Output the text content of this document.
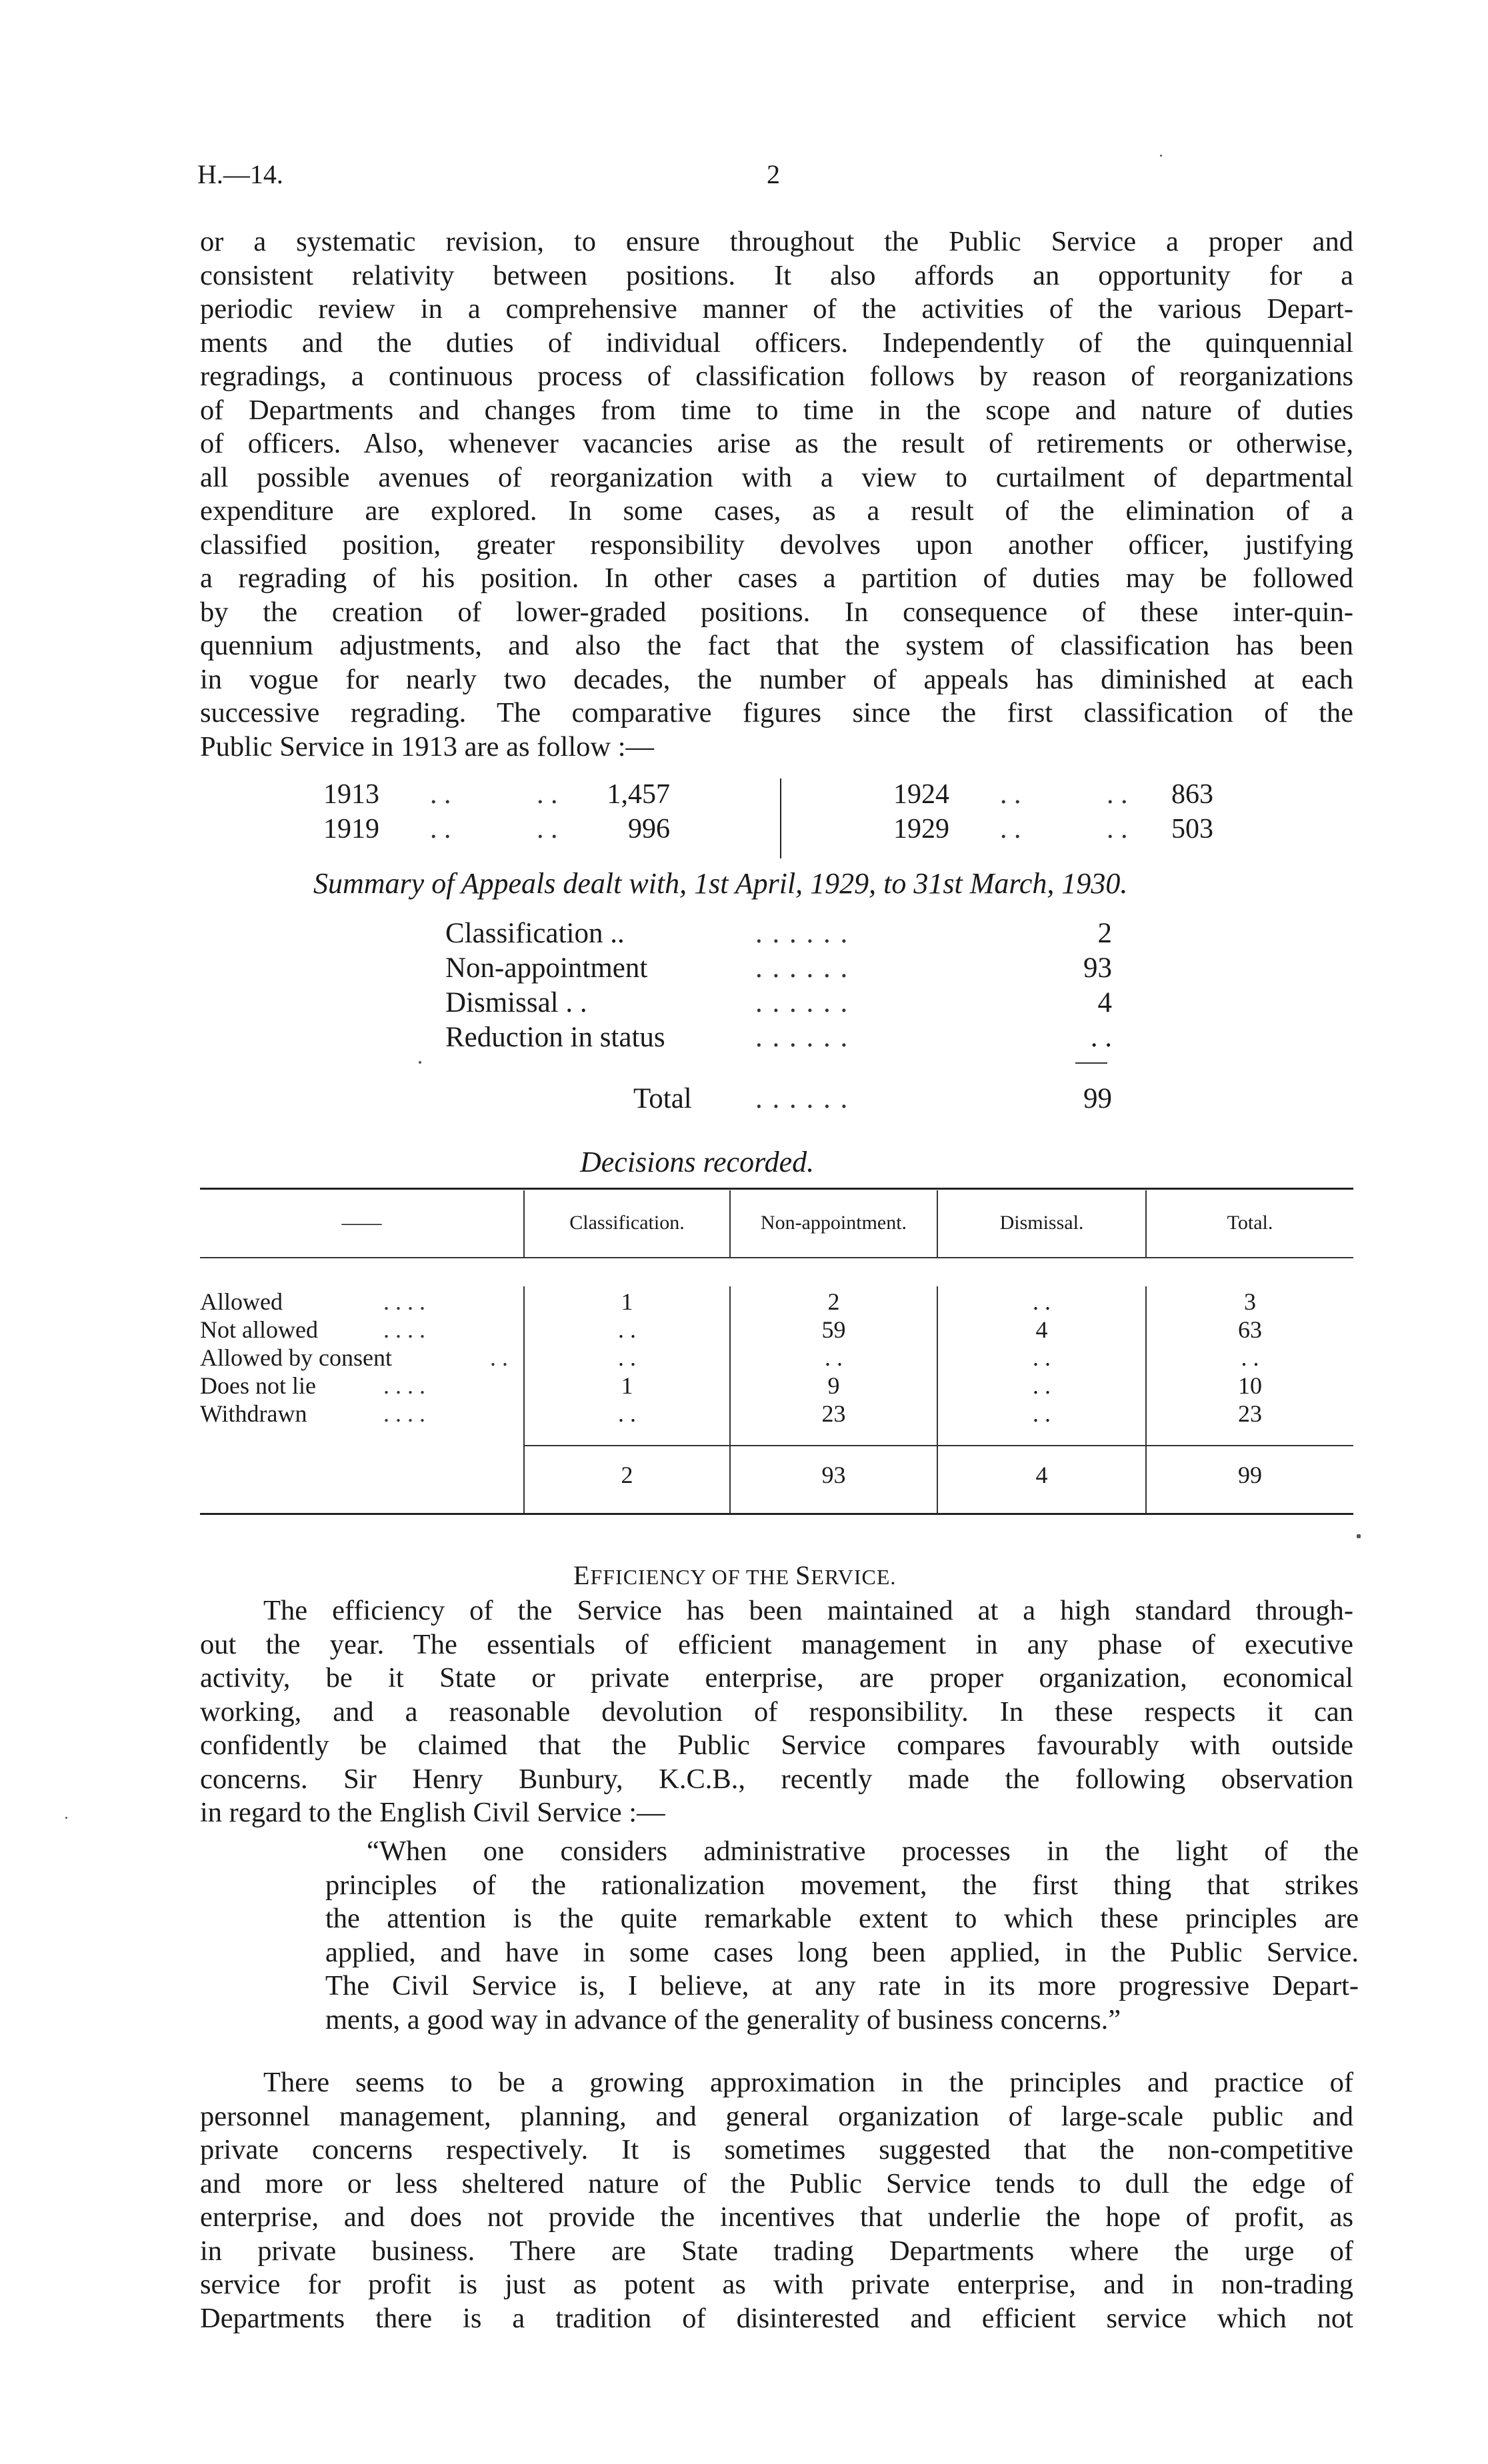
H.—14.	2
or a systematic revision, to ensure throughout the Public Service a proper and
consistent relativity between positions. It also affords an opportunity for a
periodic review in a comprehensive manner of the activities of the various Depart-
ments and the duties of individual officers. Independently of the quinquennial
regradings, a continuous process of classification follows by reason of reorganizations
of Departments and changes from time to time in the scope and nature of duties
of officers. Also, whenever vacancies arise as the result of retirements or otherwise,
all possible avenues of reorganization with a view to curtailment of departmental
expenditure are explored. In some cases, as a result of the elimination of a
classified position, greater responsibility devolves upon another officer, justifying
a regrading of his position. In other cases a partition of duties may be followed
by the creation of lower-graded positions. In consequence of these inter-quin-
quennium adjustments, and also the fact that the system of classification has been
in vogue for nearly two decades, the number of appeals has diminished at each
successive regrading. The comparative figures since the first classification of the
Public Service in 1913 are as follow :—
1913 . .	. .	1,457
1919 . .	. .	996
1924 . .	. .	863
1929 . .	. .	503
Summary of Appeals dealt with, 1st April, 1929, to 31st March, 1930.
Classification ..	. . . . . .	2
Non-appointment	. . . . . .	93
Dismissal . .	. . . . . .	4
Reduction in status	. . . . . .	. .
Total . . . . . .	99
Decisions recorded.
——	Classification.	Non-appointment.	Dismissal.	Total.
Allowed	. . . .	1	2	. .	3
Not allowed	. . . .	. .	59	4	63
Allowed by consent	. .	. .	. .	. .	. .
Does not lie	. . . .	1	9	. .	10
Withdrawn	. . . .	. .	23	. .	23
2	93	4	99
EFFICIENCY OF THE SERVICE.
The efficiency of the Service has been maintained at a high standard through-
out the year. The essentials of efficient management in any phase of executive
activity, be it State or private enterprise, are proper organization, economical
working, and a reasonable devolution of responsibility. In these respects it can
confidently be claimed that the Public Service compares favourably with outside
concerns. Sir Henry Bunbury, K.C.B., recently made the following observation
in regard to the English Civil Service :—
“When one considers administrative processes in the light of the
principles of the rationalization movement, the first thing that strikes
the attention is the quite remarkable extent to which these principles are
applied, and have in some cases long been applied, in the Public Service.
The Civil Service is, I believe, at any rate in its more progressive Depart-
ments, a good way in advance of the generality of business concerns.”
There seems to be a growing approximation in the principles and practice of
personnel management, planning, and general organization of large-scale public and
private concerns respectively. It is sometimes suggested that the non-competitive
and more or less sheltered nature of the Public Service tends to dull the edge of
enterprise, and does not provide the incentives that underlie the hope of profit, as
in private business. There are State trading Departments where the urge of
service for profit is just as potent as with private enterprise, and in non-trading
Departments there is a tradition of disinterested and efficient service which not
